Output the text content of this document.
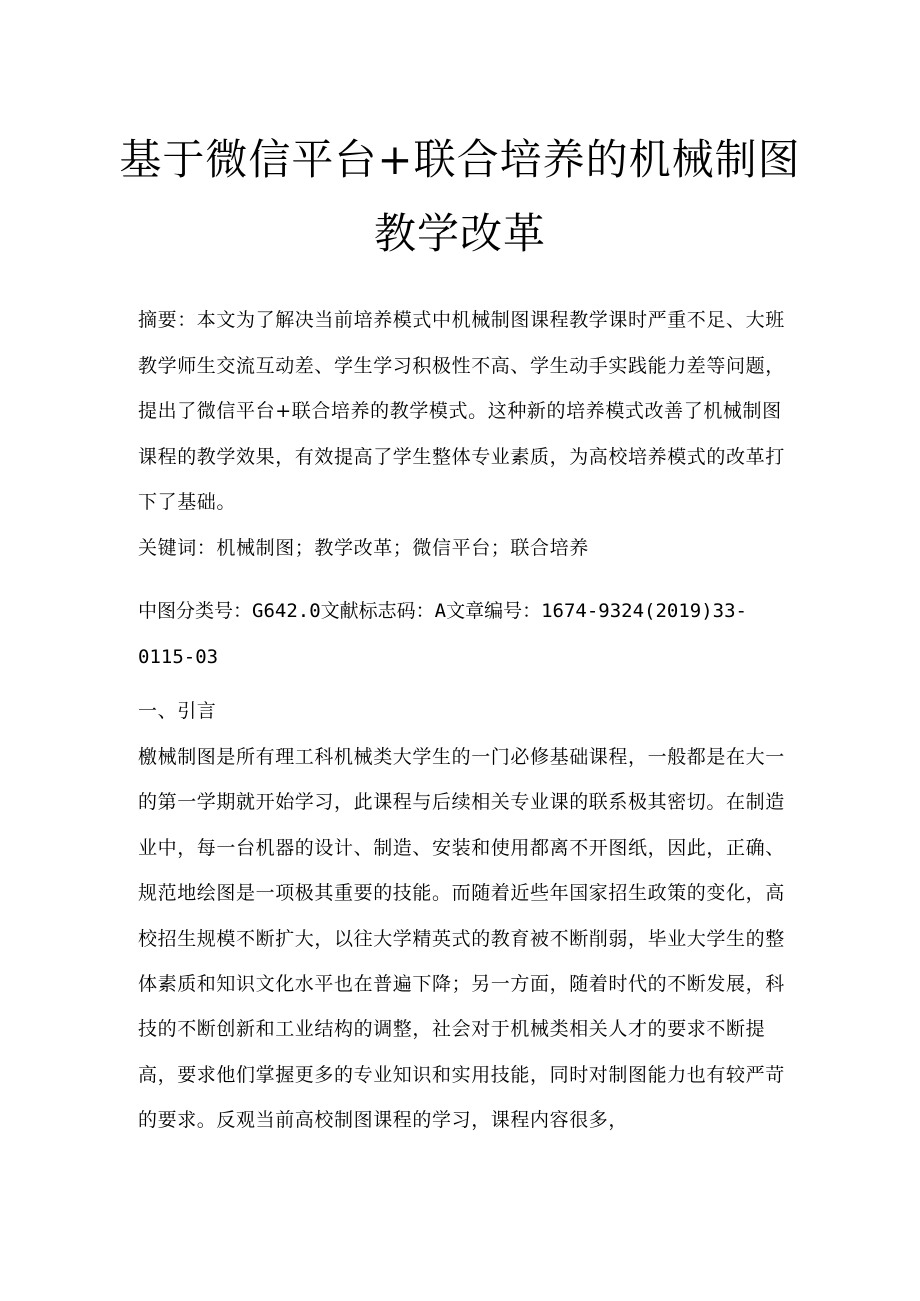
基于微信平台+联合培养的机械制图
教学改革

摘要：本文为了解决当前培养模式中机械制图课程教学课时严重不足、大班教学师生交流互动差、学生学习积极性不高、学生动手实践能力差等问题，提出了微信平台+联合培养的教学模式。这种新的培养模式改善了机械制图课程的教学效果，有效提高了学生整体专业素质，为高校培养模式的改革打下了基础。

关键词：机械制图；教学改革；微信平台；联合培养

中图分类号：G642.0文献标志码：A文章编号：1674-9324(2019)33-0115-03

一、引言

檄械制图是所有理工科机械类大学生的一门必修基础课程，一般都是在大一的第一学期就开始学习，此课程与后续相关专业课的联系极其密切。在制造业中，每一台机器的设计、制造、安装和使用都离不开图纸，因此，正确、规范地绘图是一项极其重要的技能。而随着近些年国家招生政策的变化，高校招生规模不断扩大，以往大学精英式的教育被不断削弱，毕业大学生的整体素质和知识文化水平也在普遍下降；另一方面，随着时代的不断发展，科技的不断创新和工业结构的调整，社会对于机械类相关人才的要求不断提高，要求他们掌握更多的专业知识和实用技能，同时对制图能力也有较严苛的要求。反观当前高校制图课程的学习，课程内容很多，
